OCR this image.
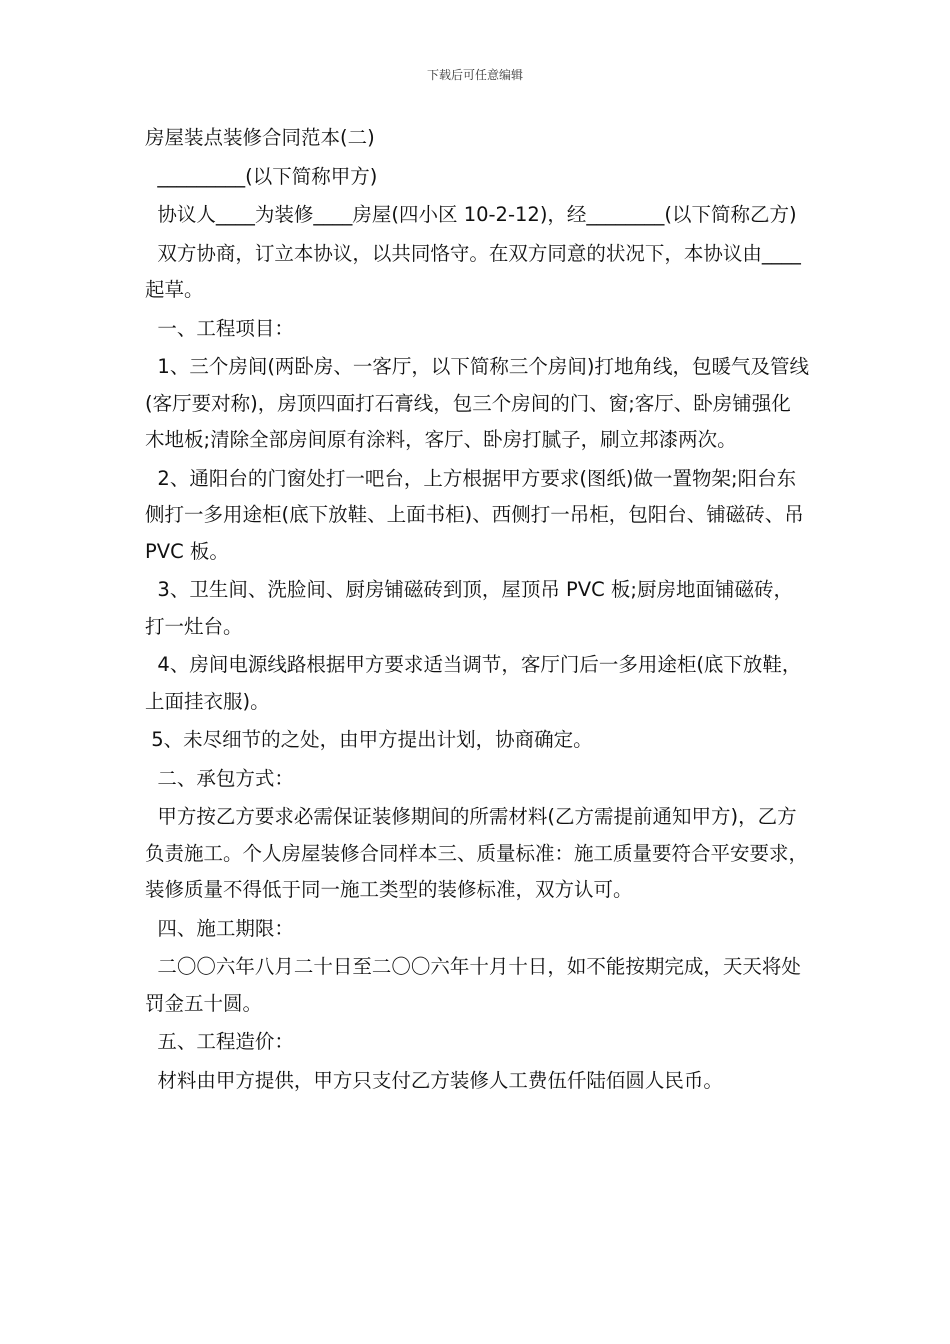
下载后可任意编辑

房屋装点装修合同范本(二)

_________(以下简称甲方)

协议人____为装修____房屋(四小区 10-2-12)，经________(以下简称乙方)

双方协商，订立本协议，以共同恪守。在双方同意的状况下，本协议由____起草。

一、工程项目：

1、三个房间(两卧房、一客厅，以下简称三个房间)打地角线，包暖气及管线(客厅要对称)，房顶四面打石膏线，包三个房间的门、窗;客厅、卧房铺强化木地板;清除全部房间原有涂料，客厅、卧房打腻子，刷立邦漆两次。

2、通阳台的门窗处打一吧台，上方根据甲方要求(图纸)做一置物架;阳台东侧打一多用途柜(底下放鞋、上面书柜)、西侧打一吊柜，包阳台、铺磁砖、吊 PVC 板。

3、卫生间、洗脸间、厨房铺磁砖到顶，屋顶吊 PVC 板;厨房地面铺磁砖，打一灶台。

4、房间电源线路根据甲方要求适当调节，客厅门后一多用途柜(底下放鞋，上面挂衣服)。

5、未尽细节的之处，由甲方提出计划，协商确定。

二、承包方式：

甲方按乙方要求必需保证装修期间的所需材料(乙方需提前通知甲方)，乙方负责施工。个人房屋装修合同样本三、质量标准：施工质量要符合平安要求，装修质量不得低于同一施工类型的装修标准，双方认可。

四、施工期限：

二〇〇六年八月二十日至二〇〇六年十月十日，如不能按期完成，天天将处罚金五十圆。

五、工程造价：

材料由甲方提供，甲方只支付乙方装修人工费伍仟陆佰圆人民币。
